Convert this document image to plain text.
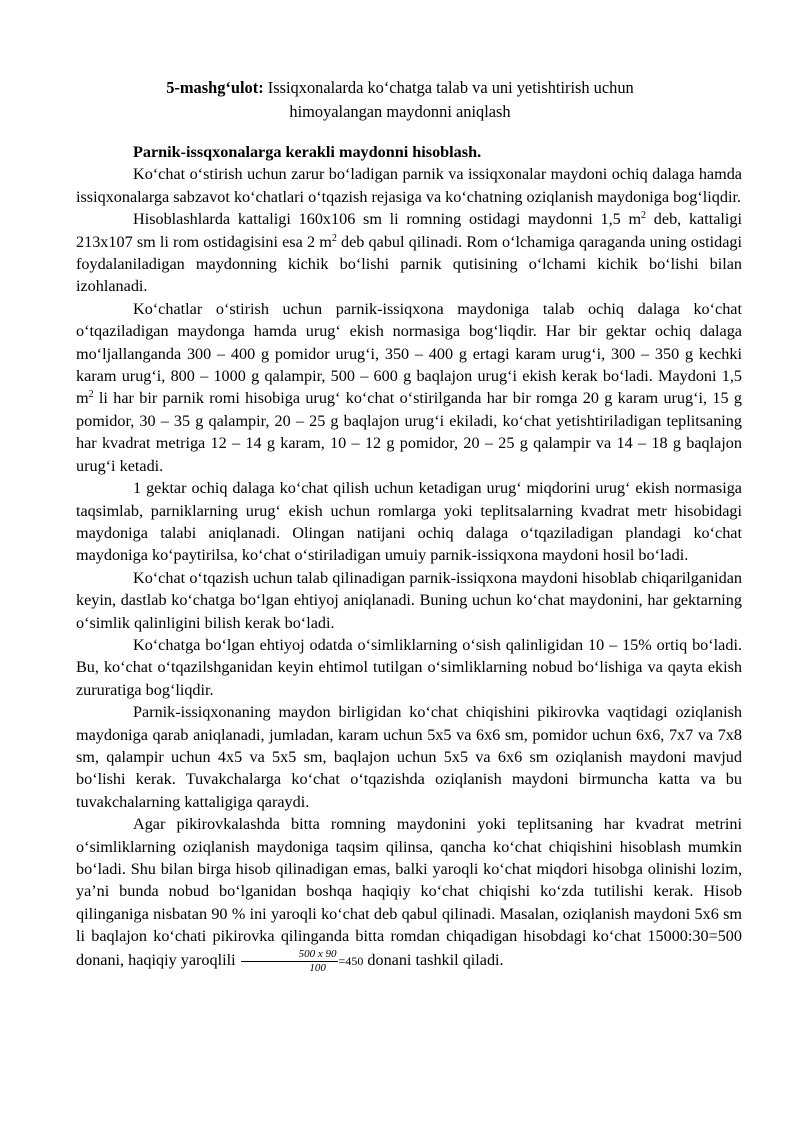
5-mashg‘ulot: Issiqxonalarda ko‘chatga talab va uni yetishtirish uchun
himoyalangan maydonni aniqlash

Parnik-issqxonalarga kerakli maydonni hisoblash.

Ko‘chat o‘stirish uchun zarur bo‘ladigan parnik va issiqxonalar maydoni ochiq dalaga hamda issiqxonalarga sabzavot ko‘chatlari o‘tqazish rejasiga va ko‘chatning oziqlanish maydoniga bog‘liqdir.

Hisoblashlarda kattaligi 160x106 sm li romning ostidagi maydonni 1,5 $m^2$ deb, kattaligi 213x107 sm li rom ostidagisini esa 2 $m^2$ deb qabul qilinadi. Rom o‘lchamiga qaraganda uning ostidagi foydalaniladigan maydonning kichik bo‘lishi parnik qutisining o‘lchami kichik bo‘lishi bilan izohlanadi.

Ko‘chatlar o‘stirish uchun parnik-issiqxona maydoniga talab ochiq dalaga ko‘chat o‘tqaziladigan maydonga hamda urug‘ ekish normasiga bog‘liqdir. Har bir gektar ochiq dalaga mo‘ljallanganda 300 – 400 g pomidor urug‘i, 350 – 400 g ertagi karam urug‘i, 300 – 350 g kechki karam urug‘i, 800 – 1000 g qalampir, 500 – 600 g baqlajon urug‘i ekish kerak bo‘ladi. Maydoni 1,5 $m^2$ li har bir parnik romi hisobiga urug‘ ko‘chat o‘stirilganda har bir romga 20 g karam urug‘i, 15 g pomidor, 30 – 35 g qalampir, 20 – 25 g baqlajon urug‘i ekiladi, ko‘chat yetishtiriladigan teplitsaning har kvadrat metriga 12 – 14 g karam, 10 – 12 g pomidor, 20 – 25 g qalampir va 14 – 18 g baqlajon urug‘i ketadi.

1 gektar ochiq dalaga ko‘chat qilish uchun ketadigan urug‘ miqdorini urug‘ ekish normasiga taqsimlab, parniklarning urug‘ ekish uchun romlarga yoki teplitsalarning kvadrat metr hisobidagi maydoniga talabi aniqlanadi. Olingan natijani ochiq dalaga o‘tqaziladigan plandagi ko‘chat maydoniga ko‘paytirilsa, ko‘chat o‘stiriladigan umuiy parnik-issiqxona maydoni hosil bo‘ladi.

Ko‘chat o‘tqazish uchun talab qilinadigan parnik-issiqxona maydoni hisoblab chiqarilganidan keyin, dastlab ko‘chatga bo‘lgan ehtiyoj aniqlanadi. Buning uchun ko‘chat maydonini, har gektarning o‘simlik qalinligini bilish kerak bo‘ladi.

Ko‘chatga bo‘lgan ehtiyoj odatda o‘simliklarning o‘sish qalinligidan 10 – 15% ortiq bo‘ladi. Bu, ko‘chat o‘tqazilshganidan keyin ehtimol tutilgan o‘simliklarning nobud bo‘lishiga va qayta ekish zururatiga bog‘liqdir.

Parnik-issiqxonaning maydon birligidan ko‘chat chiqishini pikirovka vaqtidagi oziqlanish maydoniga qarab aniqlanadi, jumladan, karam uchun 5x5 va 6x6 sm, pomidor uchun 6x6, 7x7 va 7x8 sm, qalampir uchun 4x5 va 5x5 sm, baqlajon uchun 5x5 va 6x6 sm oziqlanish maydoni mavjud bo‘lishi kerak. Tuvakchalarga ko‘chat o‘tqazishda oziqlanish maydoni birmuncha katta va bu tuvakchalarning kattaligiga qaraydi.

Agar pikirovkalashda bitta romning maydonini yoki teplitsaning har kvadrat metrini o‘simliklarning oziqlanish maydoniga taqsim qilinsa, qancha ko‘chat chiqishini hisoblash mumkin bo‘ladi. Shu bilan birga hisob qilinadigan emas, balki yaroqli ko‘chat miqdori hisobga olinishi lozim, ya’ni bunda nobud bo‘lganidan boshqa haqiqiy ko‘chat chiqishi ko‘zda tutilishi kerak. Hisob qilinganiga nisbatan 90 % ini yaroqli ko‘chat deb qabul qilinadi. Masalan, oziqlanish maydoni 5x6 sm li baqlajon ko‘chati pikirovka qilinganda bitta romdan chiqadigan hisobdagi ko‘chat 15000:30=500 donani, haqiqiy yaroqlili $\frac{500 x 90}{100} =450$ donani tashkil qiladi.
